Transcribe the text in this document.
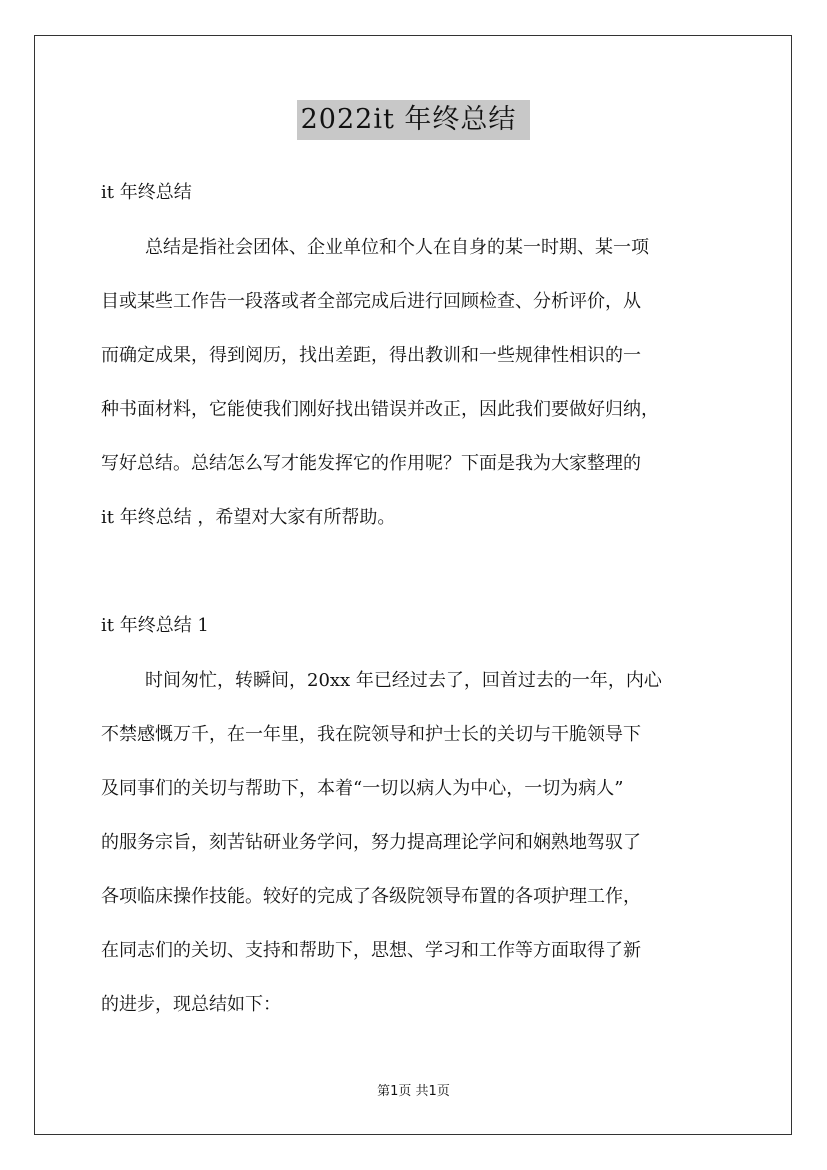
2022it 年终总结
it 年终总结
总结是指社会团体、企业单位和个人在自身的某一时期、某一项
目或某些工作告一段落或者全部完成后进行回顾检查、分析评价，从
而确定成果，得到阅历，找出差距，得出教训和一些规律性相识的一
种书面材料，它能使我们刚好找出错误并改正，因此我们要做好归纳，
写好总结。总结怎么写才能发挥它的作用呢？下面是我为大家整理的
it 年终总结 ，希望对大家有所帮助。
it 年终总结 1
时间匆忙，转瞬间，20xx 年已经过去了，回首过去的一年，内心
不禁感慨万千，在一年里，我在院领导和护士长的关切与干脆领导下
及同事们的关切与帮助下，本着“一切以病人为中心，一切为病人”
的服务宗旨，刻苦钻研业务学问，努力提高理论学问和娴熟地驾驭了
各项临床操作技能。较好的完成了各级院领导布置的各项护理工作，
在同志们的关切、支持和帮助下，思想、学习和工作等方面取得了新
的进步，现总结如下：
第1页 共1页
